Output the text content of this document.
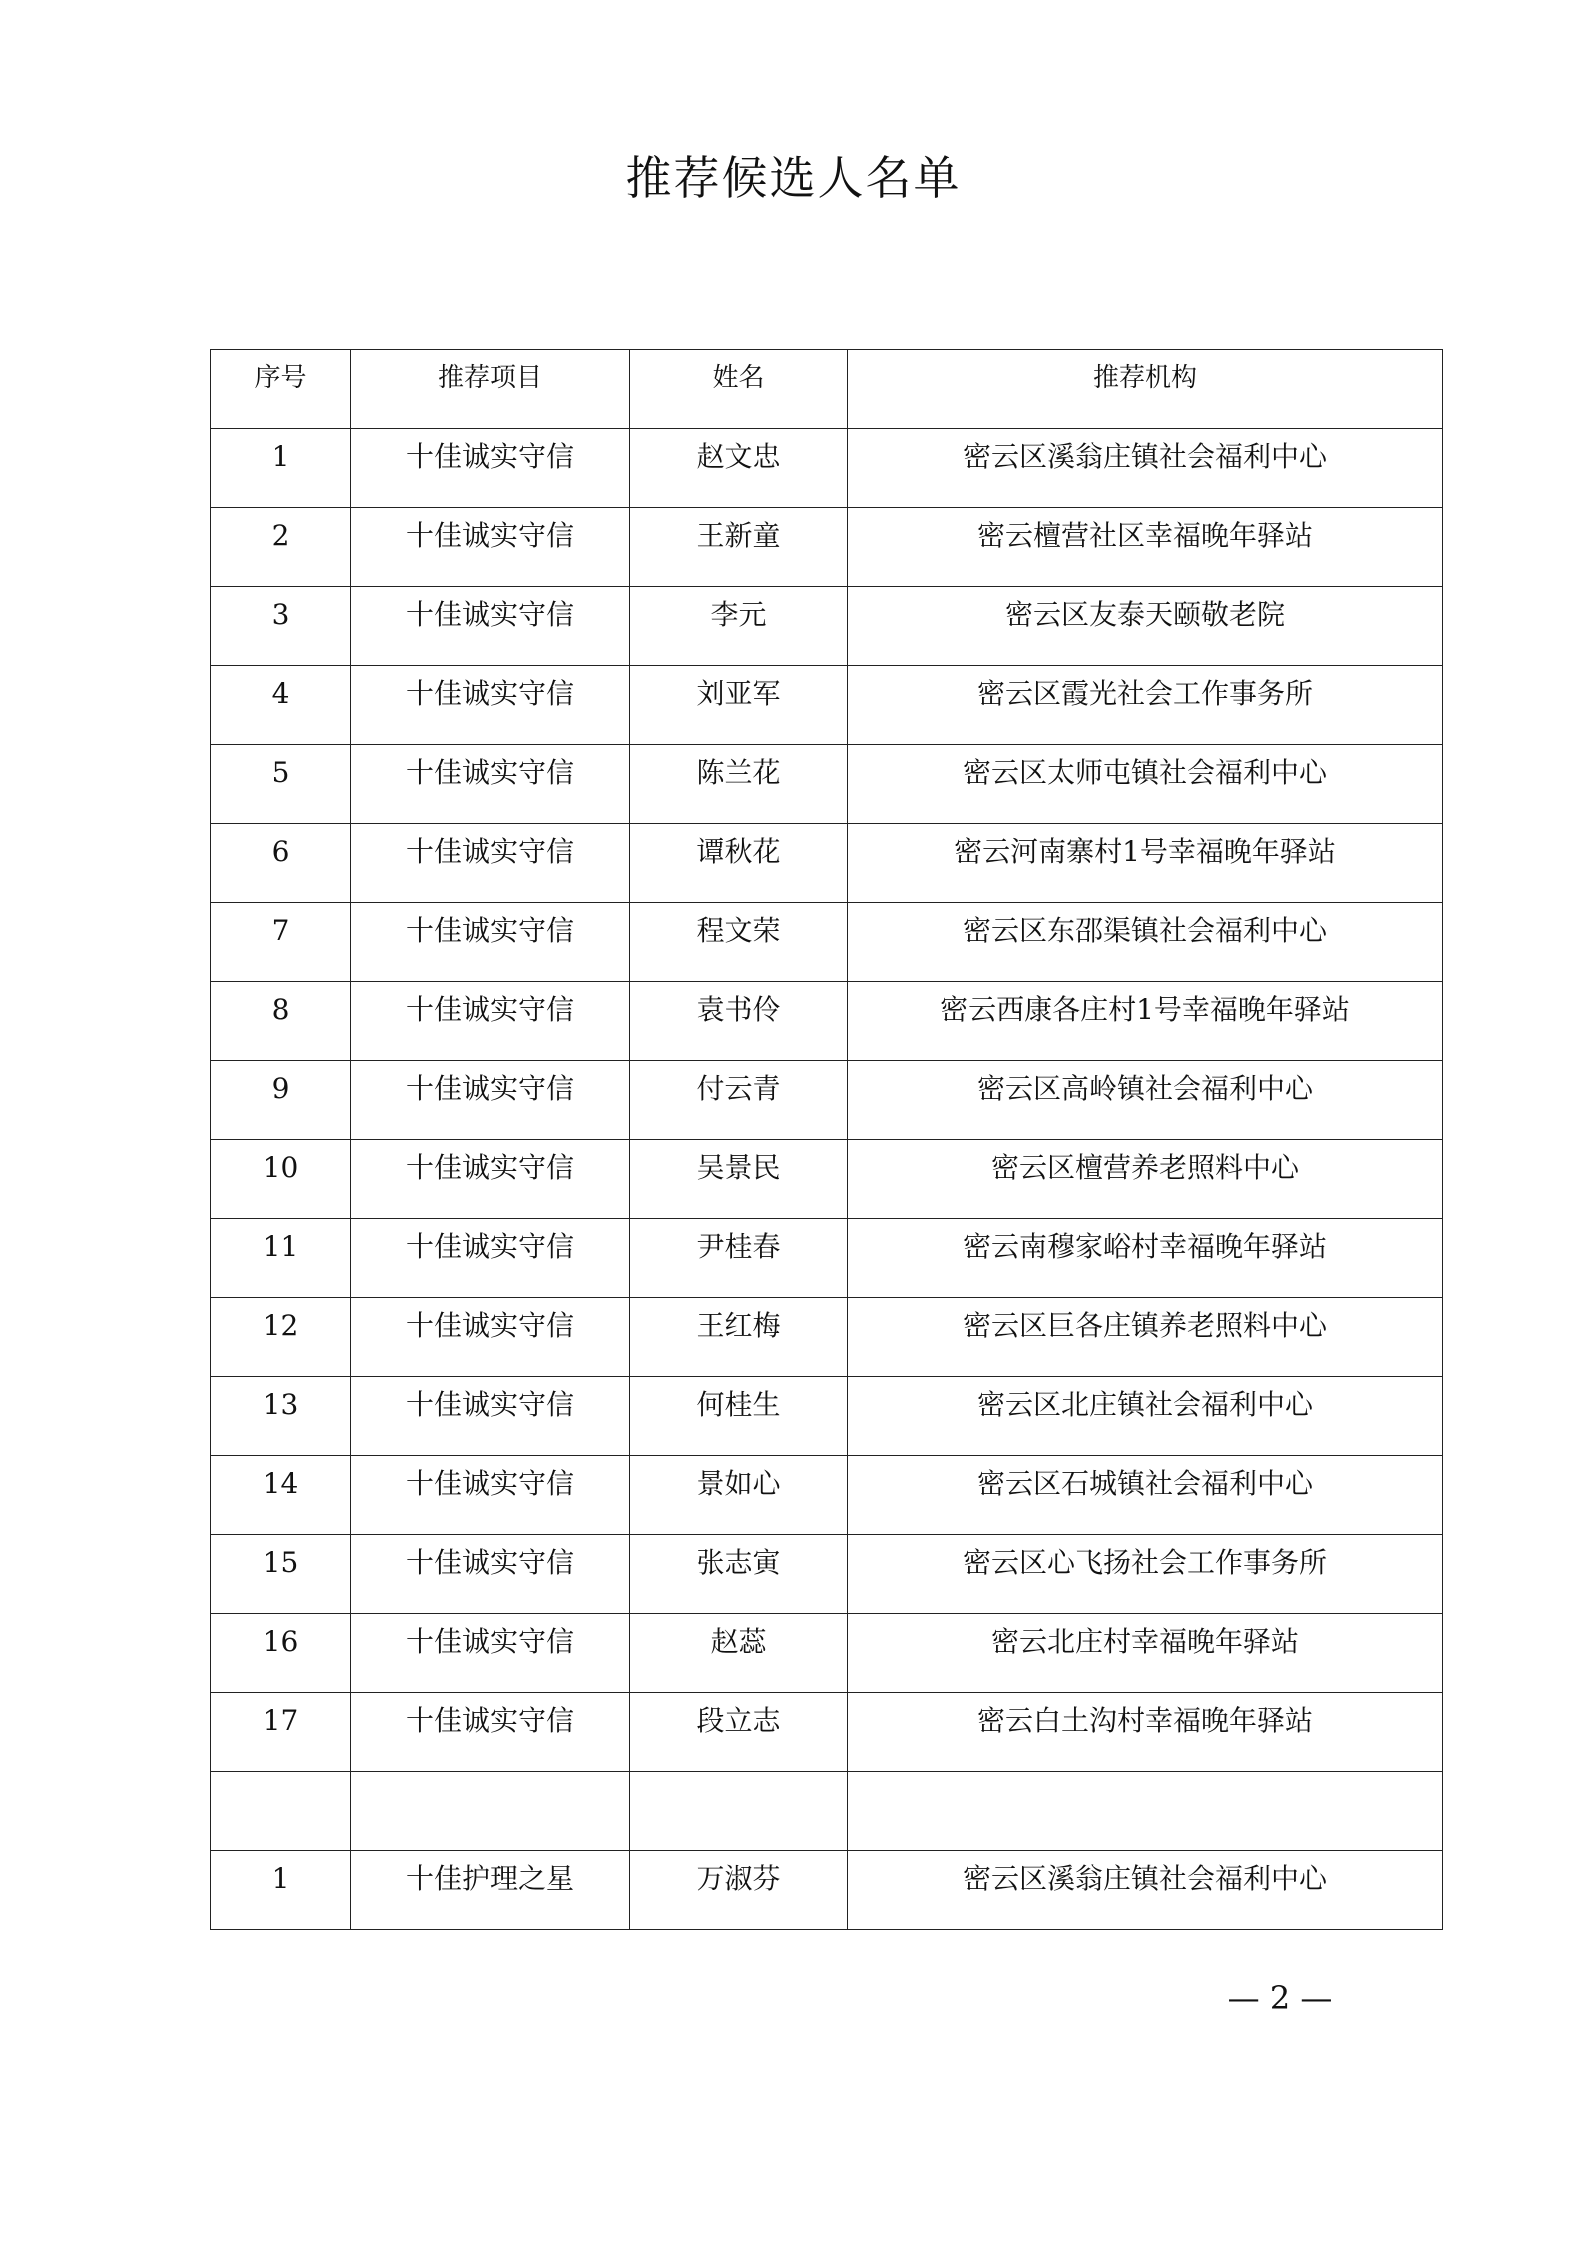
推荐候选人名单
序号	推荐项目	姓名	推荐机构
1	十佳诚实守信	赵文忠	密云区溪翁庄镇社会福利中心
2	十佳诚实守信	王新童	密云檀营社区幸福晚年驿站
3	十佳诚实守信	李元	密云区友泰天颐敬老院
4	十佳诚实守信	刘亚军	密云区霞光社会工作事务所
5	十佳诚实守信	陈兰花	密云区太师屯镇社会福利中心
6	十佳诚实守信	谭秋花	密云河南寨村1号幸福晚年驿站
7	十佳诚实守信	程文荣	密云区东邵渠镇社会福利中心
8	十佳诚实守信	袁书伶	密云西康各庄村1号幸福晚年驿站
9	十佳诚实守信	付云青	密云区高岭镇社会福利中心
10	十佳诚实守信	吴景民	密云区檀营养老照料中心
11	十佳诚实守信	尹桂春	密云南穆家峪村幸福晚年驿站
12	十佳诚实守信	王红梅	密云区巨各庄镇养老照料中心
13	十佳诚实守信	何桂生	密云区北庄镇社会福利中心
14	十佳诚实守信	景如心	密云区石城镇社会福利中心
15	十佳诚实守信	张志寅	密云区心飞扬社会工作事务所
16	十佳诚实守信	赵蕊	密云北庄村幸福晚年驿站
17	十佳诚实守信	段立志	密云白土沟村幸福晚年驿站

1	十佳护理之星	万淑芬	密云区溪翁庄镇社会福利中心
— 2 —
